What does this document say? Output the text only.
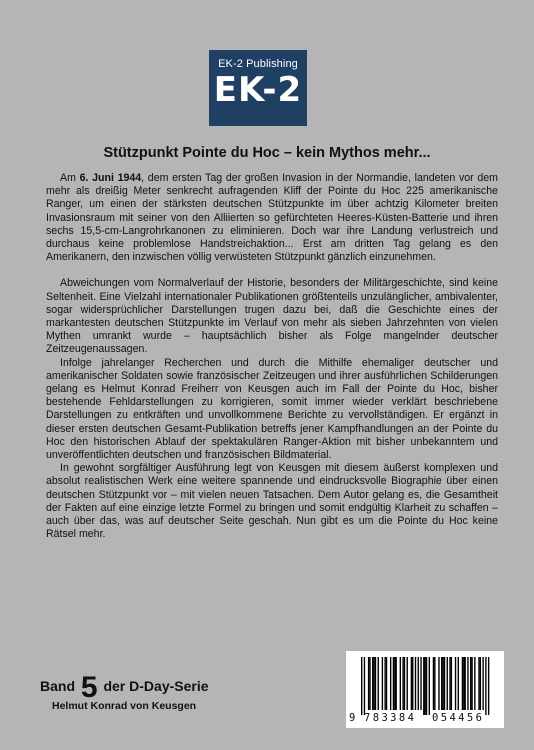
EK-2 Publishing
EK-2
Stützpunkt Pointe du Hoc – kein Mythos mehr...

Am 6. Juni 1944, dem ersten Tag der großen Invasion in der Normandie, landeten vor dem mehr als dreißig Meter senkrecht aufragenden Kliff der Pointe du Hoc 225 amerikanische Ranger, um einen der stärksten deutschen Stützpunkte im über achtzig Kilometer breiten Invasionsraum mit seiner von den Alliierten so gefürchteten Heeres-Küsten-Batterie und ihren sechs 15,5-cm-Langrohrkanonen zu eliminieren. Doch war ihre Landung verlustreich und durchaus keine problemlose Handstreichaktion... Erst am dritten Tag gelang es den Amerikanern, den inzwischen völlig verwüsteten Stützpunkt gänzlich einzunehmen.

Abweichungen vom Normalverlauf der Historie, besonders der Militärgeschichte, sind keine Seltenheit. Eine Vielzahl internationaler Publikationen größtenteils unzulänglicher, ambivalenter, sogar widersprüchlicher Darstellungen trugen dazu bei, daß die Geschichte eines der markantesten deutschen Stützpunkte im Verlauf von mehr als sieben Jahrzehnten von vielen Mythen umrankt wurde – hauptsächlich bisher als Folge mangelnder deutscher Zeitzeugenaussagen.

Infolge jahrelanger Recherchen und durch die Mithilfe ehemaliger deutscher und amerikanischer Soldaten sowie französischer Zeitzeugen und ihrer ausführlichen Schilderungen gelang es Helmut Konrad Freiherr von Keusgen auch im Fall der Pointe du Hoc, bisher bestehende Fehldarstellungen zu korrigieren, somit immer wieder verklärt beschriebene Darstellungen zu entkräften und unvollkommene Berichte zu vervollständigen. Er ergänzt in dieser ersten deutschen Gesamt-Publikation betreffs jener Kampfhandlungen an der Pointe du Hoc den historischen Ablauf der spektakulären Ranger-Aktion mit bisher unbekanntem und unveröffentlichten deutschen und französischen Bildmaterial.

In gewohnt sorgfältiger Ausführung legt von Keusgen mit diesem äußerst komplexen und absolut realistischen Werk eine weitere spannende und eindrucksvolle Biographie über einen deutschen Stützpunkt vor – mit vielen neuen Tatsachen. Dem Autor gelang es, die Gesamtheit der Fakten auf eine einzige letzte Formel zu bringen und somit endgültig Klarheit zu schaffen – auch über das, was auf deutscher Seite geschah. Nun gibt es um die Pointe du Hoc keine Rätsel mehr.

Band 5 der D-Day-Serie
Helmut Konrad von Keusgen
9 783384 054456
